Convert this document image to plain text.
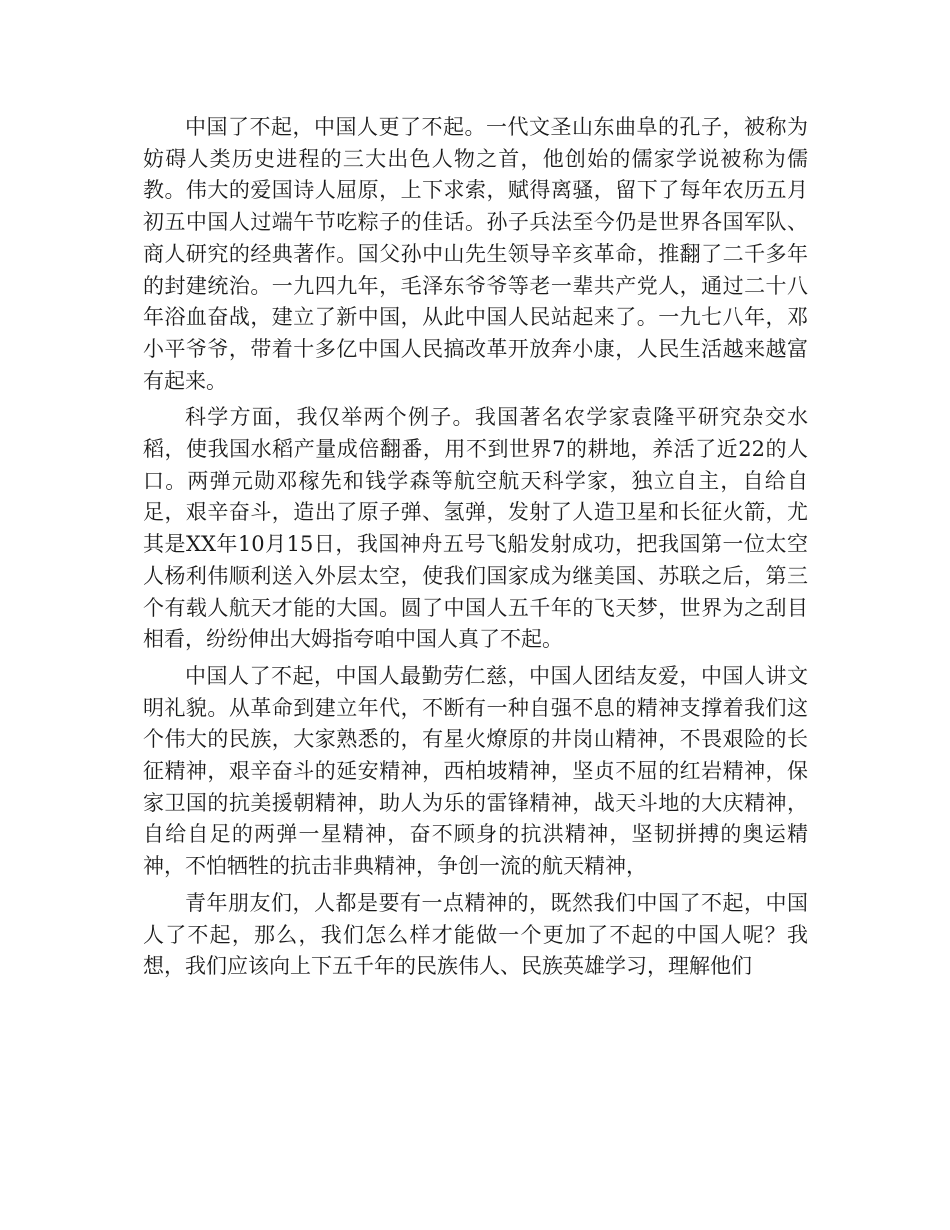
中国了不起，中国人更了不起。一代文圣山东曲阜的孔子，被称为妨碍人类历史进程的三大出色人物之首，他创始的儒家学说被称为儒教。伟大的爱国诗人屈原，上下求索，赋得离骚，留下了每年农历五月初五中国人过端午节吃粽子的佳话。孙子兵法至今仍是世界各国军队、商人研究的经典著作。国父孙中山先生领导辛亥革命，推翻了二千多年的封建统治。一九四九年，毛泽东爷爷等老一辈共产党人，通过二十八年浴血奋战，建立了新中国，从此中国人民站起来了。一九七八年，邓小平爷爷，带着十多亿中国人民搞改革开放奔小康，人民生活越来越富有起来。

科学方面，我仅举两个例子。我国著名农学家袁隆平研究杂交水稻，使我国水稻产量成倍翻番，用不到世界7的耕地，养活了近22的人口。两弹元勋邓稼先和钱学森等航空航天科学家，独立自主，自给自足，艰辛奋斗，造出了原子弹、氢弹，发射了人造卫星和长征火箭，尤其是XX年10月15日，我国神舟五号飞船发射成功，把我国第一位太空人杨利伟顺利送入外层太空，使我们国家成为继美国、苏联之后，第三个有载人航天才能的大国。圆了中国人五千年的飞天梦，世界为之刮目相看，纷纷伸出大姆指夸咱中国人真了不起。

中国人了不起，中国人最勤劳仁慈，中国人团结友爱，中国人讲文明礼貌。从革命到建立年代，不断有一种自强不息的精神支撑着我们这个伟大的民族，大家熟悉的，有星火燎原的井岗山精神，不畏艰险的长征精神，艰辛奋斗的延安精神，西柏坡精神，坚贞不屈的红岩精神，保家卫国的抗美援朝精神，助人为乐的雷锋精神，战天斗地的大庆精神，自给自足的两弹一星精神，奋不顾身的抗洪精神，坚韧拼搏的奥运精神，不怕牺牲的抗击非典精神，争创一流的航天精神，

青年朋友们，人都是要有一点精神的，既然我们中国了不起，中国人了不起，那么，我们怎么样才能做一个更加了不起的中国人呢？我想，我们应该向上下五千年的民族伟人、民族英雄学习，理解他们
